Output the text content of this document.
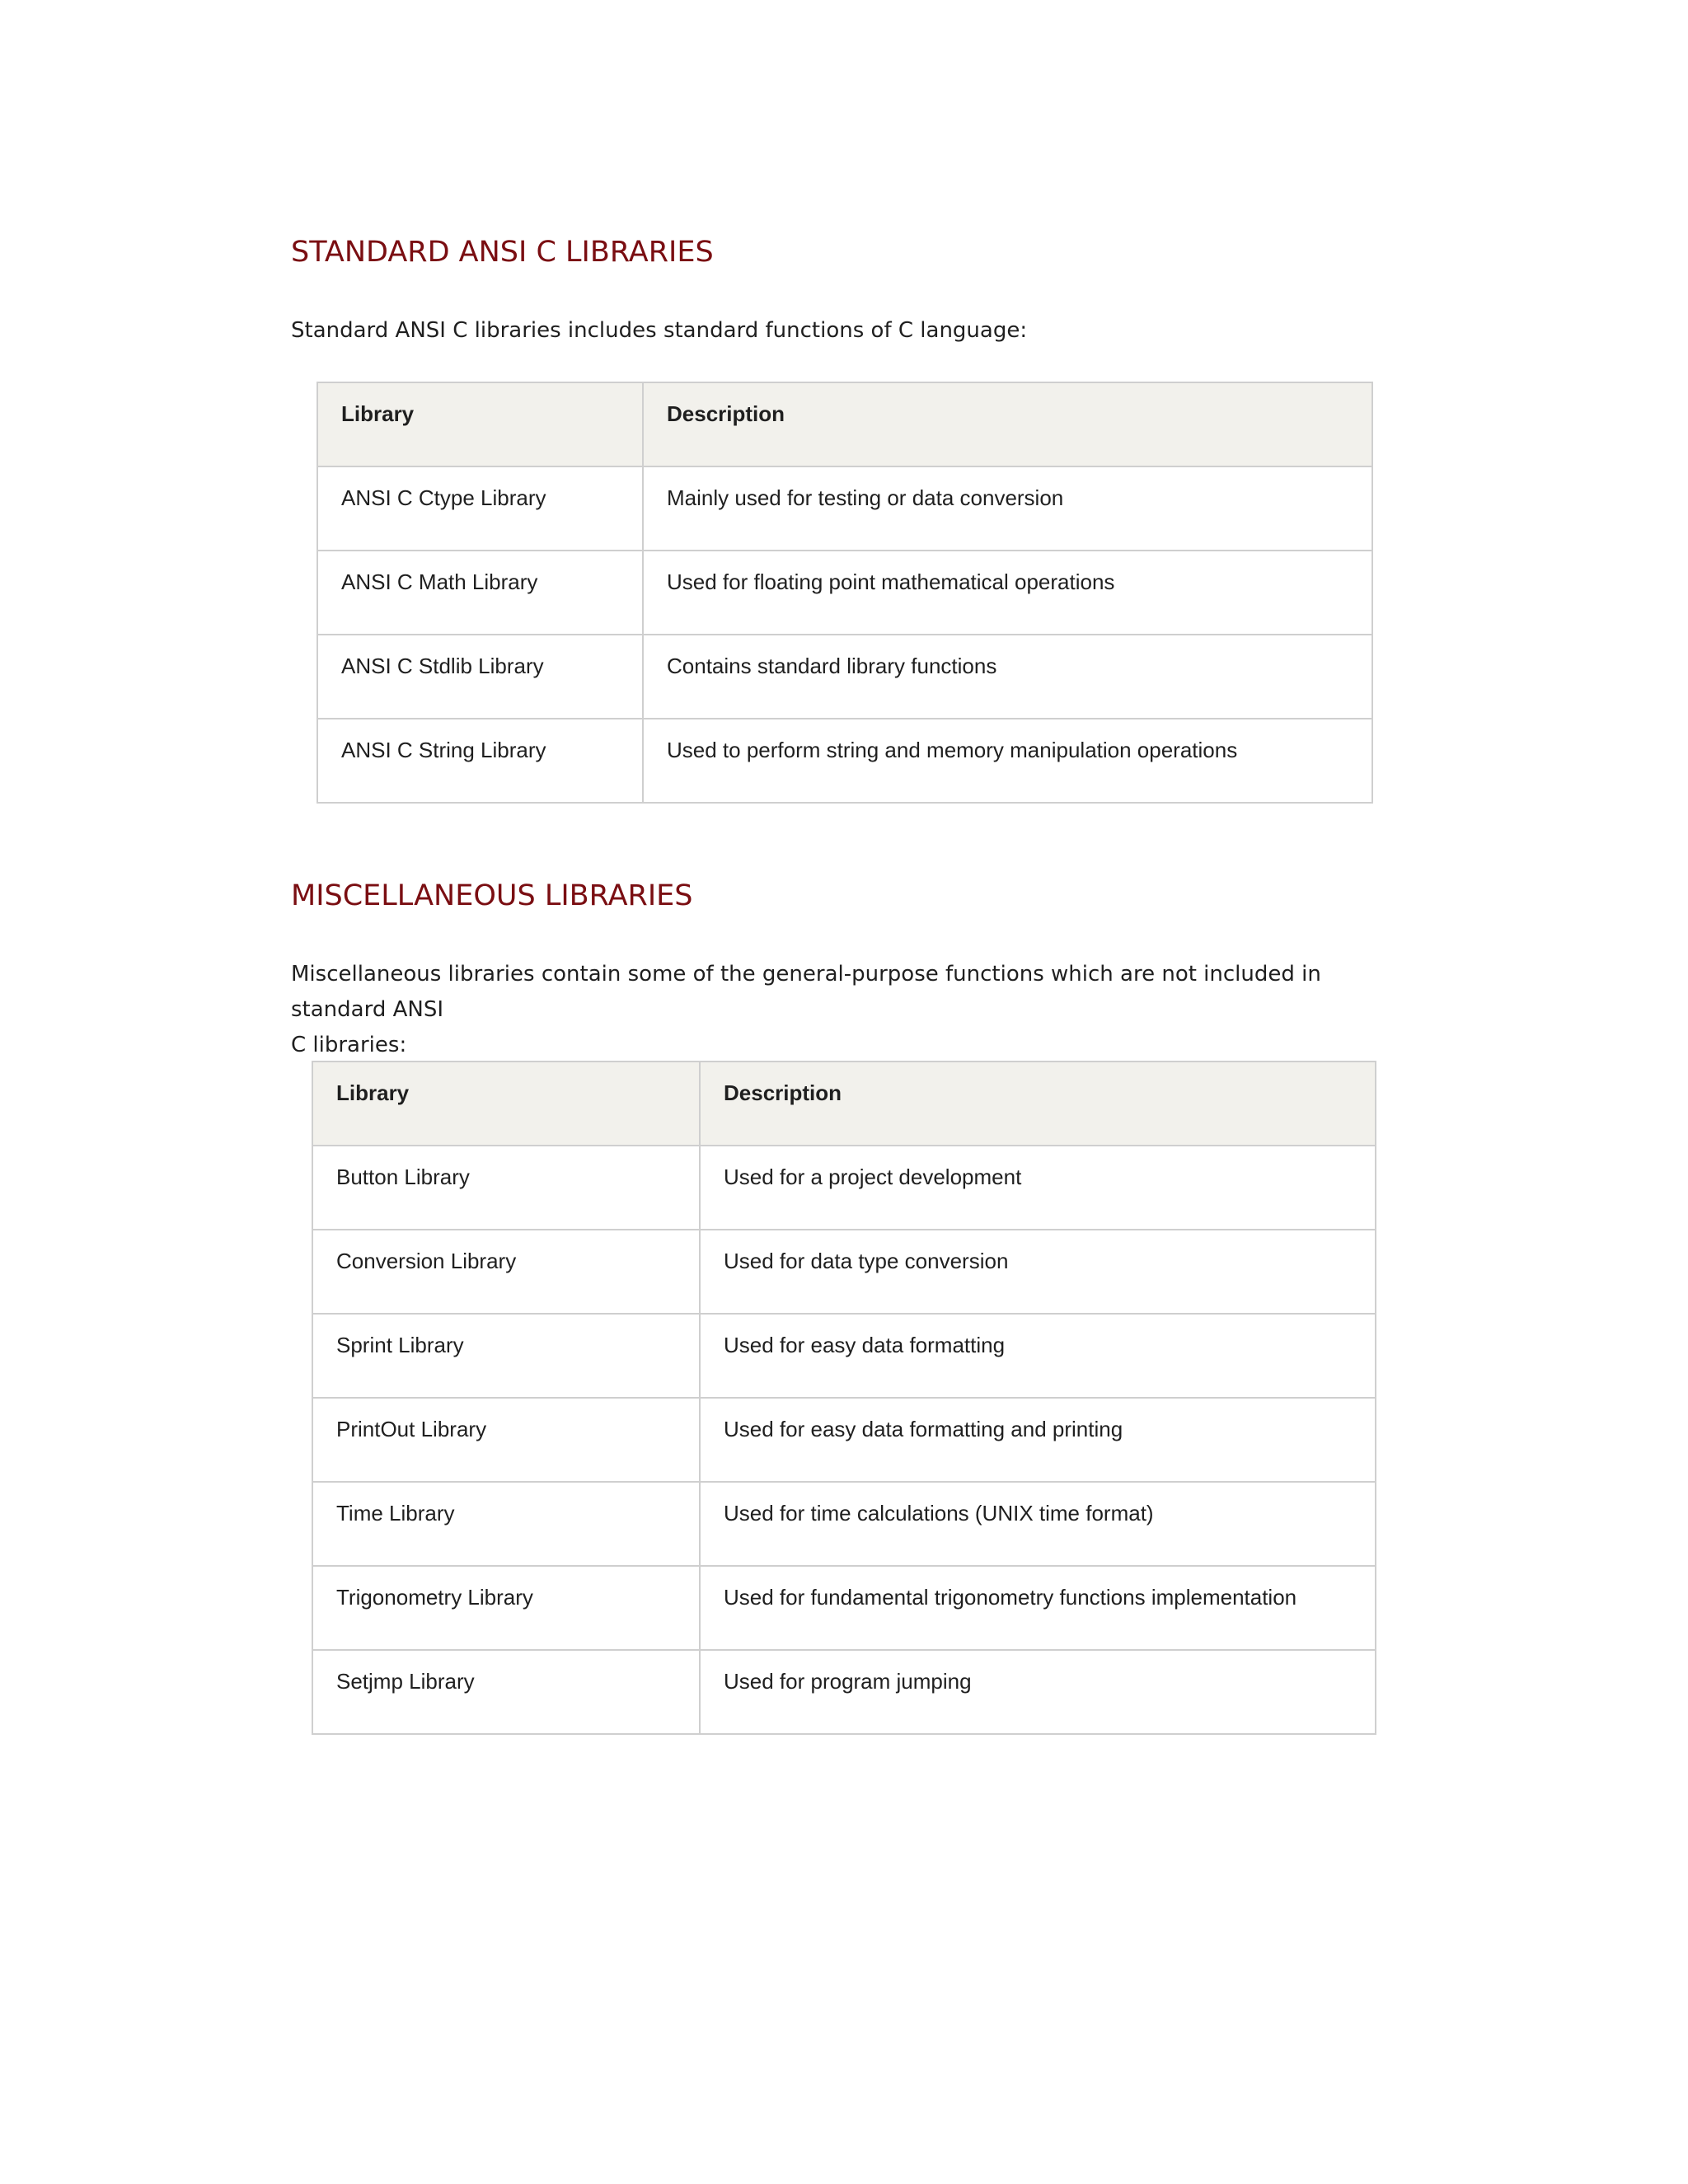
STANDARD ANSI C LIBRARIES

Standard ANSI C libraries includes standard functions of C language:

Library	Description
ANSI C Ctype Library	Mainly used for testing or data conversion
ANSI C Math Library	Used for floating point mathematical operations
ANSI C Stdlib Library	Contains standard library functions
ANSI C String Library	Used to perform string and memory manipulation operations
MISCELLANEOUS LIBRARIES

Miscellaneous libraries contain some of the general-purpose functions which are not included in standard ANSI
C libraries:

Library	Description
Button Library	Used for a project development
Conversion Library	Used for data type conversion
Sprint Library	Used for easy data formatting
PrintOut Library	Used for easy data formatting and printing
Time Library	Used for time calculations (UNIX time format)
Trigonometry Library	Used for fundamental trigonometry functions implementation
Setjmp Library	Used for program jumping
